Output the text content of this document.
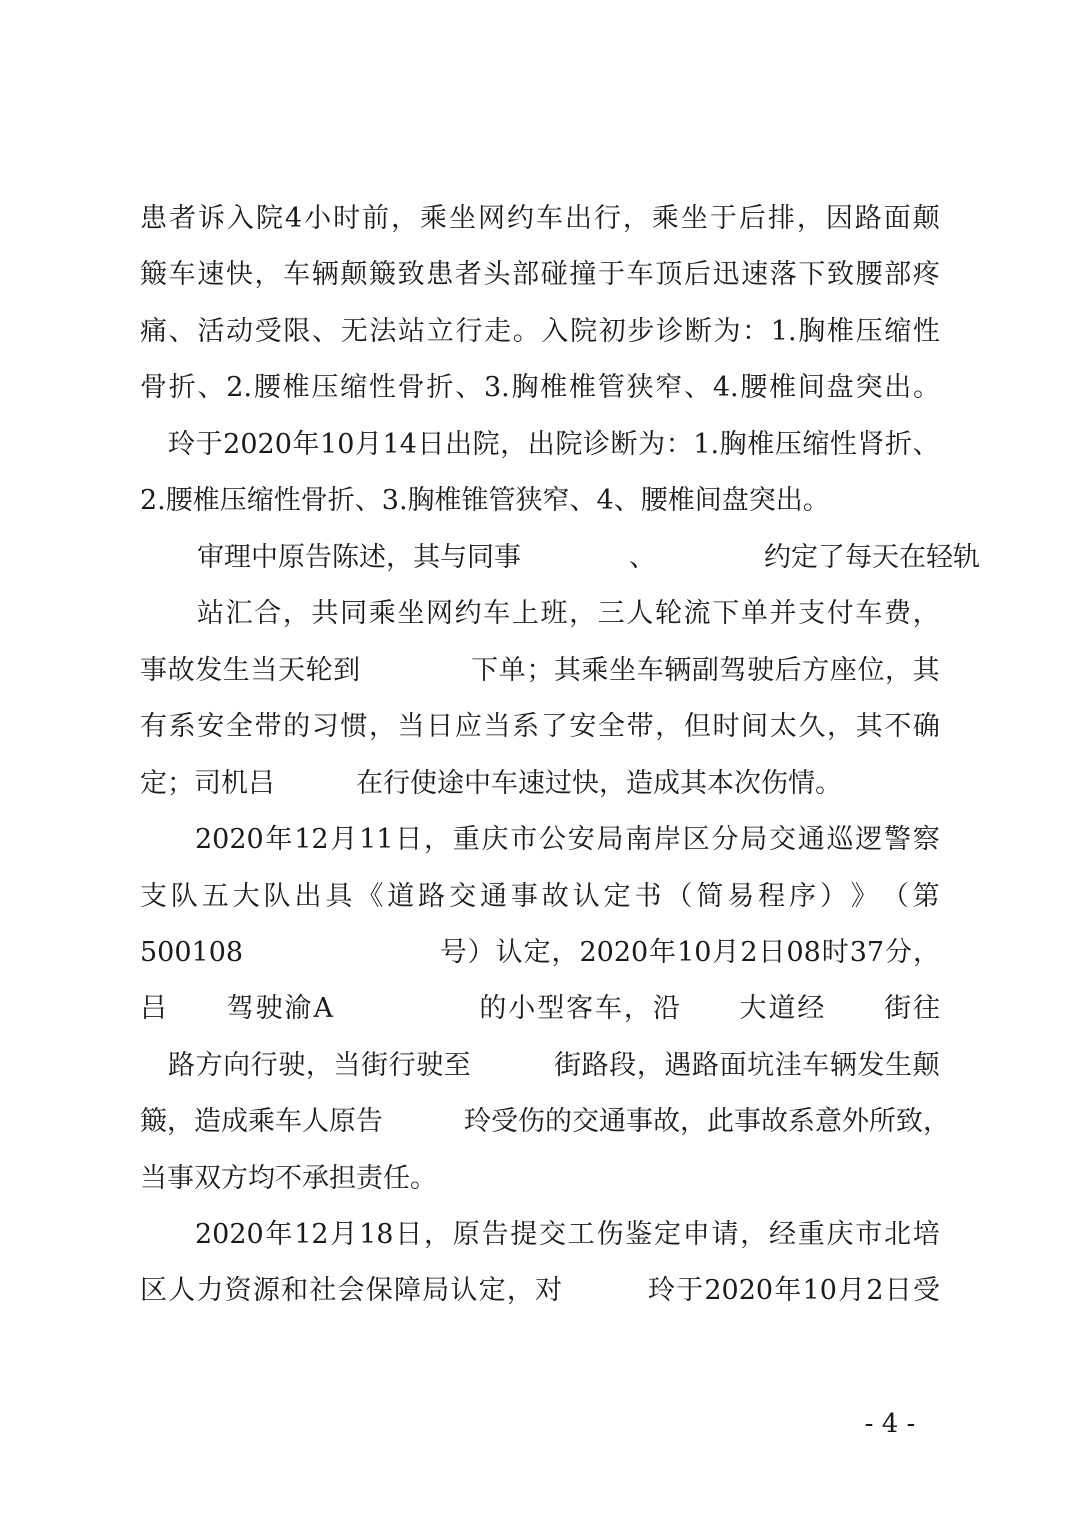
患 者 诉 入 院 4 小 时 前 ， 乘 坐 网 约 车 出 行 ， 乘 坐 于 后 排 ， 因 路 面 颠
簸 车 速 快 ， 车 辆 颠 簸 致 患 者 头 部 碰 撞 于 车 顶 后 迅 速 落 下 致 腰 部 疼
痛 、 活 动 受 限 、 无 法 站 立 行 走 。 入 院 初 步 诊 断 为 ： 1. 胸 椎 压 缩 性
骨 折 、 2. 腰 椎 压 缩 性 骨 折 、 3. 胸 椎 椎 管 狭 窄 、 4. 腰 椎 间 盘 突 出 。
玲 于 2020 年 10 月 14 日 出 院 ， 出 院 诊 断 为 ： 1. 胸 椎 压 缩 性 肾 折 、
2.腰椎压缩性骨折、3.胸椎锥管狭窄、4、腰椎间盘突出。
审 理 中 原 告 陈 述 ， 其 与 同 事

　	、

　	约 定 了 每 天 在 轻 轨
站 汇 合 ， 共 同 乘 坐 网 约 车 上 班 ， 三 人 轮 流 下 单 并 支 付 车 费 ，
事 故 发 生 当 天 轮 到

　	下 单 ； 其 乘 坐 车 辆 副 驾 驶 后 方 座 位 ， 其
有 系 安 全 带 的 习 惯 ， 当 日 应 当 系 了 安 全 带 ， 但 时 间 太 久 ， 其 不 确
定；司机吕　　　在行使途中车速过快，造成其本次伤情。
2020 年 12 月 11 日 ， 重 庆 市 公 安 局 南 岸 区 分 局 交 通 巡 逻 警 察
支 队 五 大 队 出 具 《 道 路 交 通 事 故 认 定 书 （ 简 易 程 序 ） 》 （ 第
500108

　	号 ） 认 定 ， 2020 年 10 月 2 日 08 时 37 分 ，
吕

　 驾 驶 渝 A

　	的 小 型 客 车 ， 沿

　 大 道 经

　 街 往
路 方 向 行 驶 ， 当 街 行 驶 至

　	街 路 段 ， 遇 路 面 坑 洼 车 辆 发 生 颠
簸 ， 造 成 乘 车 人 原 告

　	玲 受 伤 的 交 通 事 故 ， 此 事 故 系 意 外 所 致 ，
当事双方均不承担责任。
2020 年 12 月 18 日 ， 原 告 提 交 工 伤 鉴 定 申 请 ， 经 重 庆 市 北 培
区 人 力 资 源 和 社 会 保 障 局 认 定 ， 对

　	玲 于 2020 年 10 月 2 日 受
- 4 -
